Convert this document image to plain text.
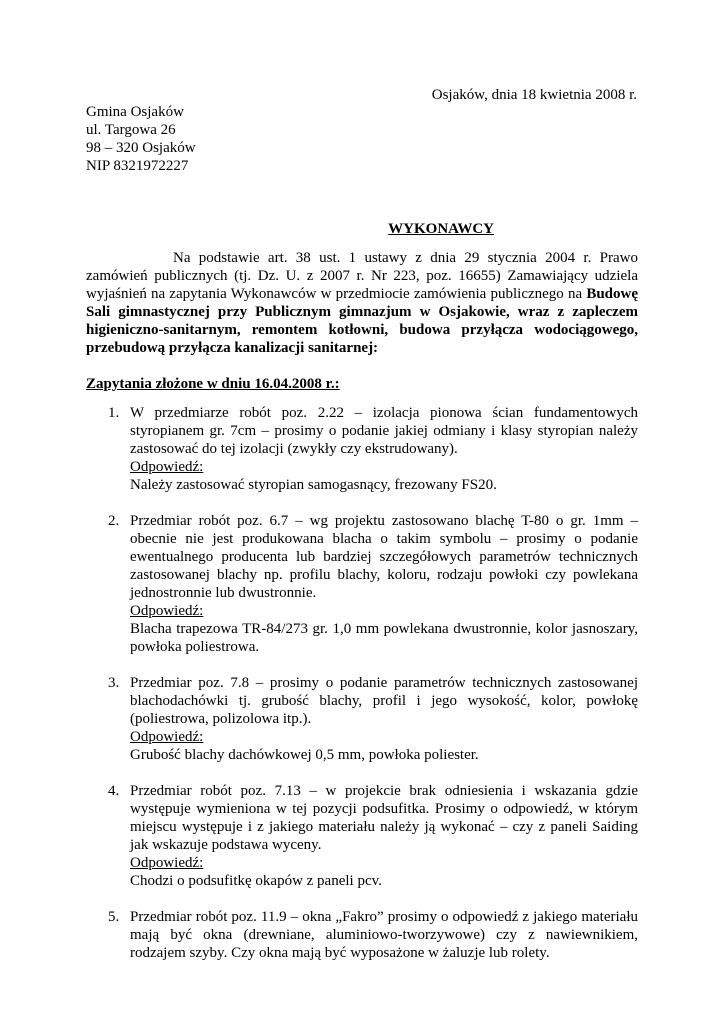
Osjaków, dnia 18 kwietnia 2008 r.
Gmina Osjaków
ul. Targowa 26
98 – 320 Osjaków
NIP 8321972227
WYKONAWCY
Na podstawie art. 38 ust. 1 ustawy z dnia 29 stycznia 2004 r. Prawo zamówień publicznych (tj. Dz. U. z 2007 r. Nr 223, poz. 16655) Zamawiający udziela wyjaśnień na zapytania Wykonawców w przedmiocie zamówienia publicznego na Budowę Sali gimnastycznej przy Publicznym gimnazjum w Osjakowie, wraz z zapleczem higieniczno-sanitarnym, remontem kotłowni, budowa przyłącza wodociągowego, przebudową przyłącza kanalizacji sanitarnej:
Zapytania złożone w dniu 16.04.2008 r.:
1. W przedmiarze robót poz. 2.22 – izolacja pionowa ścian fundamentowych styropianem gr. 7cm – prosimy o podanie jakiej odmiany i klasy styropian należy zastosować do tej izolacji (zwykły czy ekstrudowany).

Odpowiedź:

Należy zastosować styropian samogasnący, frezowany FS20.

2. Przedmiar robót poz. 6.7 – wg projektu zastosowano blachę T-80 o gr. 1mm – obecnie nie jest produkowana blacha o takim symbolu – prosimy o podanie ewentualnego producenta lub bardziej szczegółowych parametrów technicznych zastosowanej blachy np. profilu blachy, koloru, rodzaju powłoki czy powlekana jednostronnie lub dwustronnie.

Odpowiedź:

Blacha trapezowa TR-84/273 gr. 1,0 mm powlekana dwustronnie, kolor jasnoszary, powłoka poliestrowa.

3. Przedmiar poz. 7.8 – prosimy o podanie parametrów technicznych zastosowanej blachodachówki tj. grubość blachy, profil i jego wysokość, kolor, powłokę (poliestrowa, polizolowa itp.).

Odpowiedź:

Grubość blachy dachówkowej 0,5 mm, powłoka poliester.

4. Przedmiar robót poz. 7.13 – w projekcie brak odniesienia i wskazania gdzie występuje wymieniona w tej pozycji podsufitka. Prosimy o odpowiedź, w którym miejscu występuje i z jakiego materiału należy ją wykonać – czy z paneli Saiding jak wskazuje podstawa wyceny.

Odpowiedź:

Chodzi o podsufitkę okapów z paneli pcv.

5. Przedmiar robót poz. 11.9 – okna „Fakro” prosimy o odpowiedź z jakiego materiału mają być okna (drewniane, aluminiowo-tworzywowe) czy z nawiewnikiem, rodzajem szyby. Czy okna mają być wyposażone w żaluzje lub rolety.
